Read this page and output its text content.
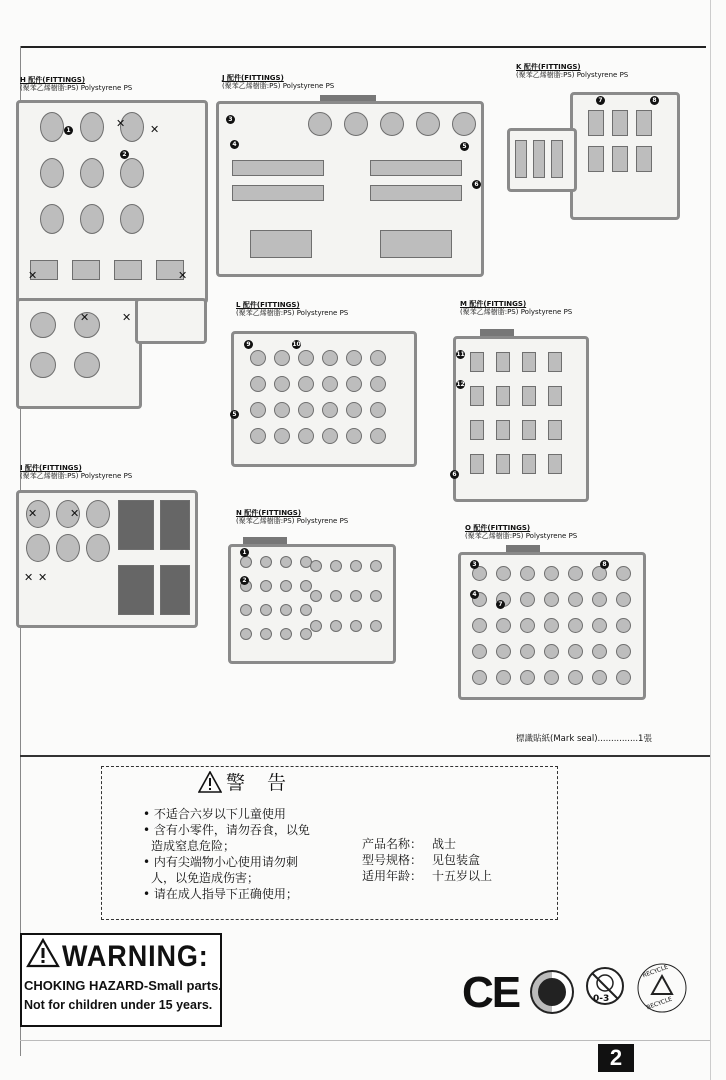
H 配件(FITTINGS)
(聚苯乙烯樹脂:PS) Polystyrene PS
J 配件(FITTINGS)
(聚苯乙烯樹脂:PS) Polystyrene PS
K 配件(FITTINGS)
(聚苯乙烯樹脂:PS) Polystyrene PS
L 配件(FITTINGS)
(聚苯乙烯樹脂:PS) Polystyrene PS
M 配件(FITTINGS)
(聚苯乙烯樹脂:PS) Polystyrene PS
I 配件(FITTINGS)
(聚苯乙烯樹脂:PS) Polystyrene PS
N 配件(FITTINGS)
(聚苯乙烯樹脂:PS) Polystyrene PS
O 配件(FITTINGS)
(聚苯乙烯樹脂:PS) Polystyrene PS
1
2
3
4	5
6
7	8
9	10
11
12
1
2
3
4
5
6
7
8
✕ ✕
✕	✕
✕	✕
✕	✕
✕ ✕
標識貼紙(Mark seal)...............1張
警 告
• 不适合六岁以下儿童使用
• 含有小零件，请勿吞食，以免
造成窒息危险；
• 内有尖端物小心使用请勿刺
人，以免造成伤害；
• 请在成人指导下正确使用；
产品名称： 战士
型号规格： 见包装盒
适用年龄： 十五岁以上
WARNING:
CHOKING HAZARD-Small parts.
Not for children under 15 years.	CE	0-3
RECYCLE
RECYCLE
2
